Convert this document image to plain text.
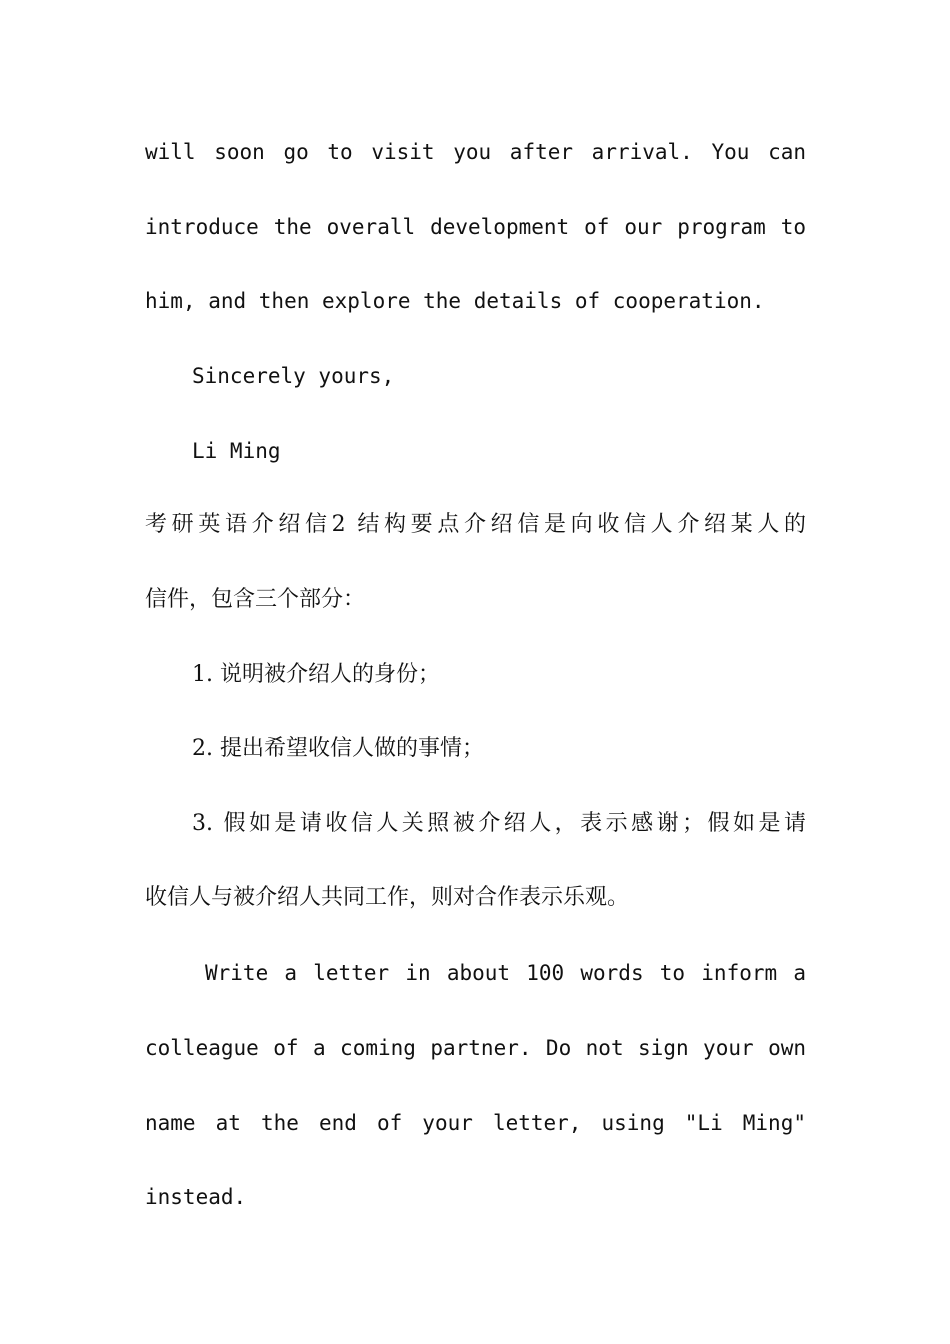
will soon go to visit you after arrival. You can
introduce the overall development of our program to
him, and then explore the details of cooperation.
Sincerely yours,
Li Ming
考研英语介绍信2 结构要点介绍信是向收信人介绍某人的
信件，包含三个部分：
1. 说明被介绍人的身份；
2. 提出希望收信人做的事情；
3. 假如是请收信人关照被介绍人，表示感谢；假如是请
收信人与被介绍人共同工作，则对合作表示乐观。
Write a letter in about 100 words to inform a
colleague of a coming partner. Do not sign your own
name at the end of your letter, using "Li Ming"
instead.
